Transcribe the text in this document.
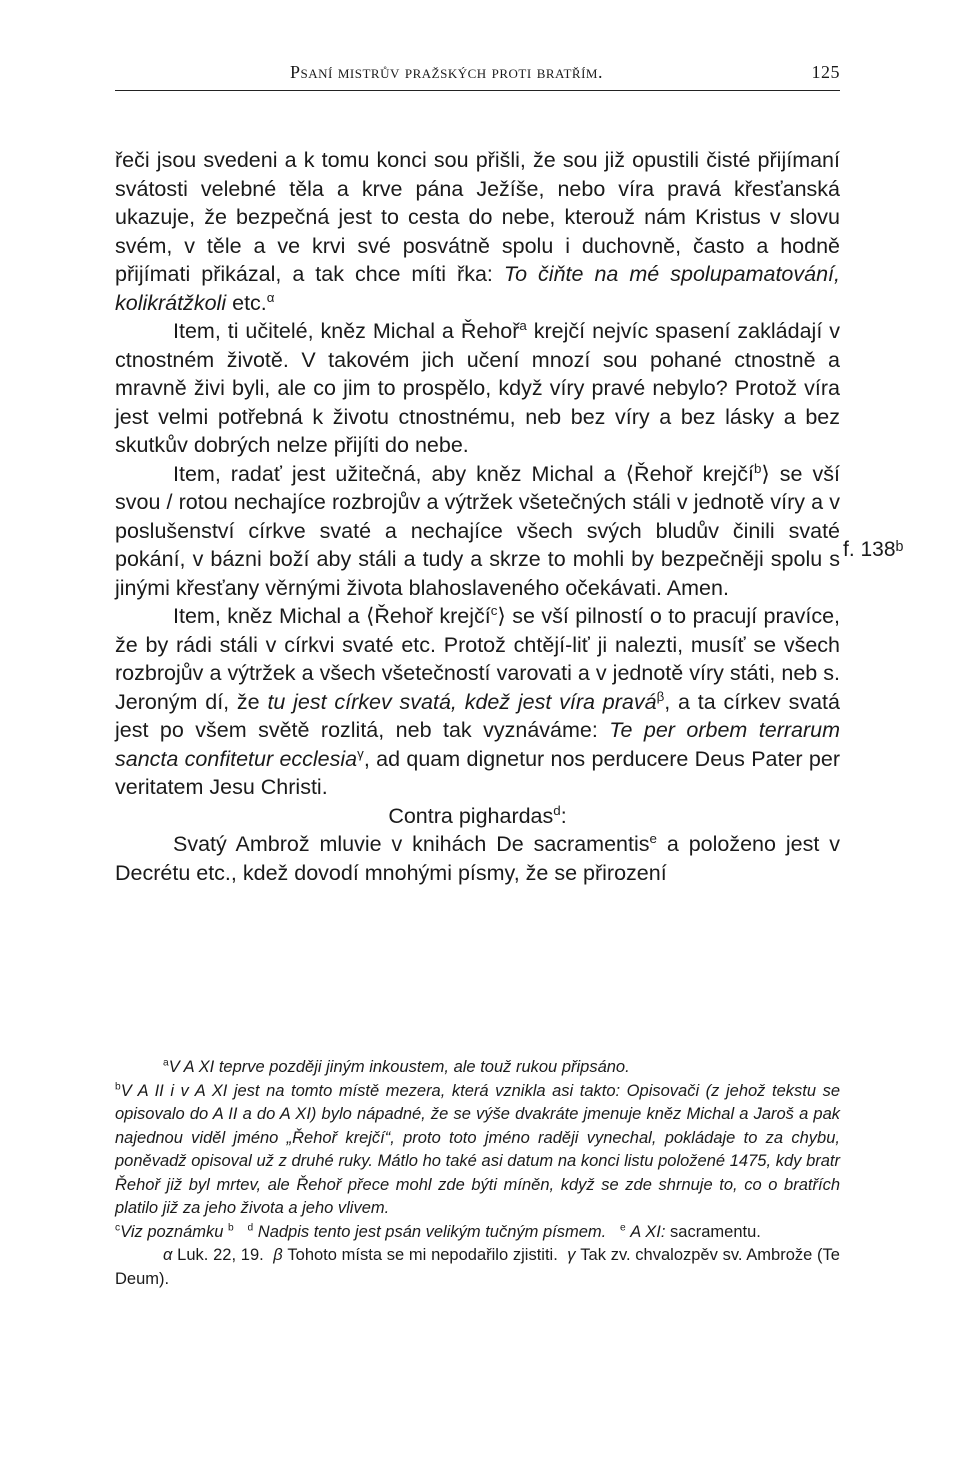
Psaní mistrův pražských proti bratřím.	125
f. 138ᵇ

řeči jsou svedeni a k tomu konci sou přišli, že sou již opustili čisté přijímaní svátosti velebné těla a krve pána Ježíše, nebo víra pravá křesťanská ukazuje, že bezpečná jest to cesta do nebe, kterouž nám Kristus v slovu svém, v těle a ve krvi své posvátně spolu i duchovně, často a hodně přijímati přikázal, a tak chce míti řka: To čiňte na mé spolupamatování, kolikrátžkoli etc.$^\alpha$

Item, ti učitelé, kněz Michal a Řehoř$^a$ krejčí nejvíc spasení zakládají v ctnostném životě. V takovém jich učení mnozí sou pohané ctnostně a mravně živi byli, ale co jim to prospělo, když víry pravé nebylo? Protož víra jest velmi potřebná k životu ctnostnému, neb bez víry a bez lásky a bez skutkův dobrých nelze přijíti do nebe.

Item, radať jest užitečná, aby kněz Michal a ⟨Řehoř krejčí$^b$⟩ se vší svou / rotou nechajíce rozbrojův a výtržek všetečných stáli v jednotě víry a v poslušenství církve svaté a nechajíce všech svých bludův činili svaté pokání, v bázni boží aby stáli a tudy a skrze to mohli by bezpečněji spolu s jinými křesťany věrnými života blahoslaveného očekávati. Amen.

Item, kněz Michal a ⟨Řehoř krejčí$^c$⟩ se vší pilností o to pracují pravíce, že by rádi stáli v církvi svaté etc. Protož chtějí-liť ji nalezti, musíť se všech rozbrojův a výtržek a všech všetečností varovati a v jednotě víry státi, neb s. Jeroným dí, že tu jest církev svatá, kdež jest víra pravá$^\beta$, a ta církev svatá jest po všem světě rozlitá, neb tak vyznáváme: Te per orbem terrarum sancta confitetur ecclesia$^\gamma$, ad quam dignetur nos perducere Deus Pater per veritatem Jesu Christi.

Contra pighardas$^d$:

Svatý Ambrož mluvie v knihách De sacramentis$^e$ a položeno jest v Decrétu etc., kdež dovodí mnohými písmy, že se přirození

$^a$V A XI teprve později jiným inkoustem, ale touž rukou připsáno.

$^b$V A II i v A XI jest na tomto místě mezera, která vznikla asi takto: Opisovači (z jehož tekstu se opisovalo do A II a do A XI) bylo nápadné, že se výše dvakráte jmenuje kněz Michal a Jaroš a pak najednou viděl jméno „Řehoř krejčí“, proto toto jméno raději vynechal, pokládaje to za chybu, poněvadž opisoval už z druhé ruky. Mátlo ho také asi datum na konci listu položené 1475, kdy bratr Řehoř již byl mrtev, ale Řehoř přece mohl zde býti míněn, když se zde shrnuje to, co o bratřích platilo již za jeho života a jeho vlivem.
$^c$Viz poznámku $^b$ $^d$ Nadpis tento jest psán velikým tučným písmem. $^e$ A XI: sacramentu.

α Luk. 22, 19. β Tohoto místa se mi nepodařilo zjistiti. γ Tak zv. chvalozpěv sv. Ambrože (Te Deum).
